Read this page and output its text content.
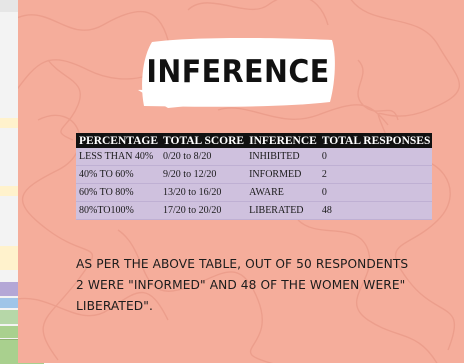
INFERENCE
PERCENTAGE	TOTAL SCORE	INFERENCE	TOTAL RESPONSES
LESS THAN 40%	0/20 to 8/20	INHIBITED	0
40% TO 60%	9/20 to 12/20	INFORMED	2
60% TO 80%	13/20 to 16/20	AWARE	0
80%TO100%	17/20 to 20/20	LIBERATED	48
AS PER THE ABOVE TABLE, OUT OF 50 RESPONDENTS 2 WERE "INFORMED" AND 48 OF THE WOMEN WERE" LIBERATED".
